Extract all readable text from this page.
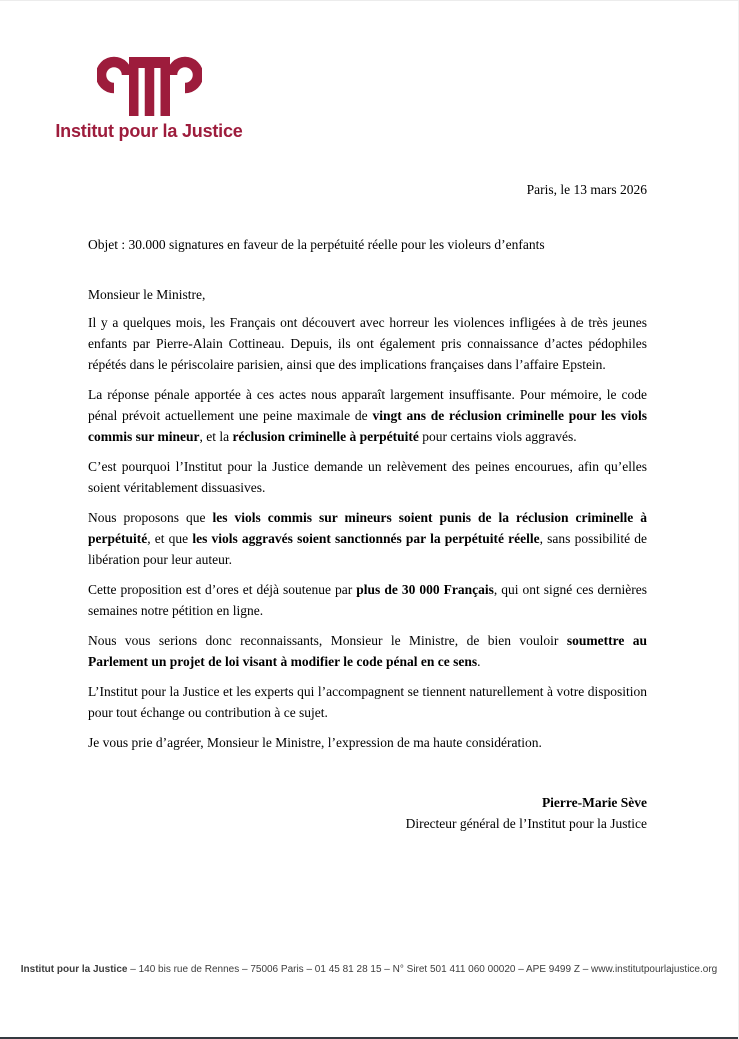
Institut pour la Justice
Paris, le 13 mars 2026
Objet : 30.000 signatures en faveur de la perpétuité réelle pour les violeurs d’enfants
Monsieur le Ministre,

Il y a quelques mois, les Français ont découvert avec horreur les violences infligées à de très jeunes enfants par Pierre-Alain Cottineau. Depuis, ils ont également pris connaissance d’actes pédophiles répétés dans le périscolaire parisien, ainsi que des implications françaises dans l’affaire Epstein.

La réponse pénale apportée à ces actes nous apparaît largement insuffisante. Pour mémoire, le code pénal prévoit actuellement une peine maximale de vingt ans de réclusion criminelle pour les viols commis sur mineur, et la réclusion criminelle à perpétuité pour certains viols aggravés.

C’est pourquoi l’Institut pour la Justice demande un relèvement des peines encourues, afin qu’elles soient véritablement dissuasives.

Nous proposons que les viols commis sur mineurs soient punis de la réclusion criminelle à perpétuité, et que les viols aggravés soient sanctionnés par la perpétuité réelle, sans possibilité de libération pour leur auteur.

Cette proposition est d’ores et déjà soutenue par plus de 30 000 Français, qui ont signé ces dernières semaines notre pétition en ligne.

Nous vous serions donc reconnaissants, Monsieur le Ministre, de bien vouloir soumettre au Parlement un projet de loi visant à modifier le code pénal en ce sens.

L’Institut pour la Justice et les experts qui l’accompagnent se tiennent naturellement à votre disposition pour tout échange ou contribution à ce sujet.

Je vous prie d’agréer, Monsieur le Ministre, l’expression de ma haute considération.

Pierre-Marie Sève
Directeur général de l’Institut pour la Justice
Institut pour la Justice – 140 bis rue de Rennes – 75006 Paris – 01 45 81 28 15 – N° Siret 501 411 060 00020 – APE 9499 Z – www.institutpourlajustice.org
